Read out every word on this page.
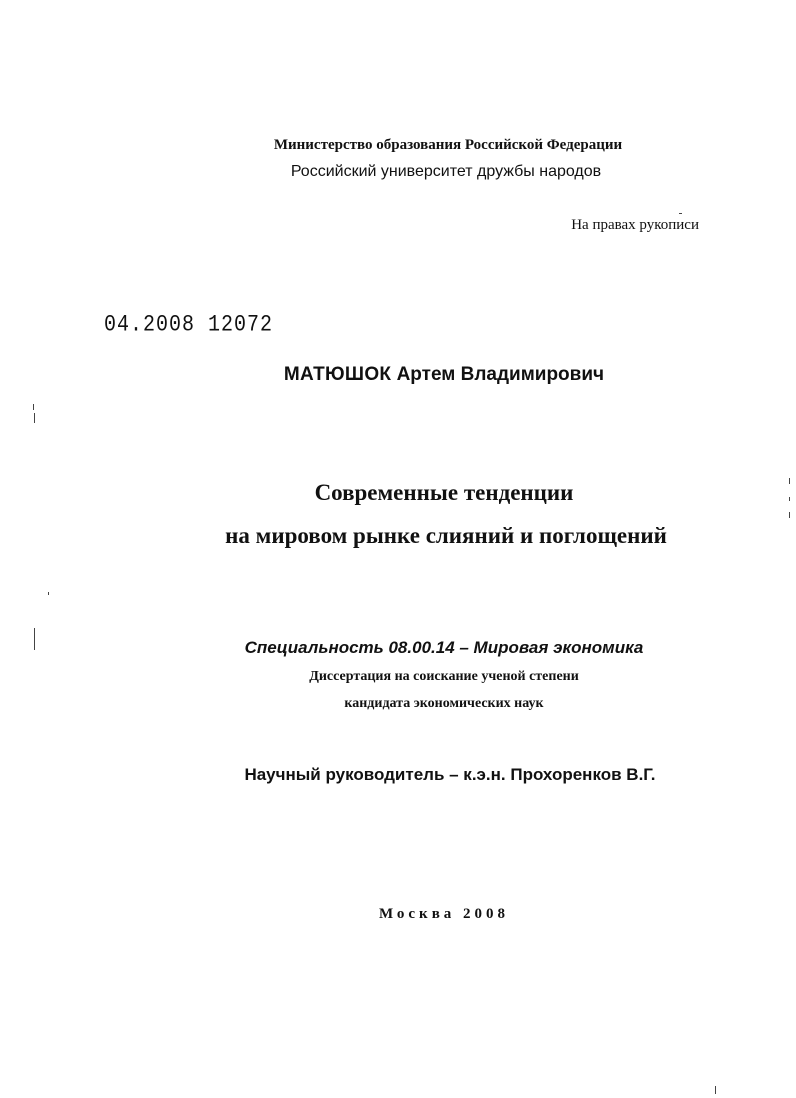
Министерство образования Российской Федерации
Российский университет дружбы народов
На правах рукописи
04.2008 12072
МАТЮШОК Артем Владимирович
Современные тенденции
на мировом рынке слияний и поглощений
Специальность 08.00.14 – Мировая экономика
Диссертация на соискание ученой степени
кандидата экономических наук
Научный руководитель – к.э.н. Прохоренков В.Г.
Москва 2008
